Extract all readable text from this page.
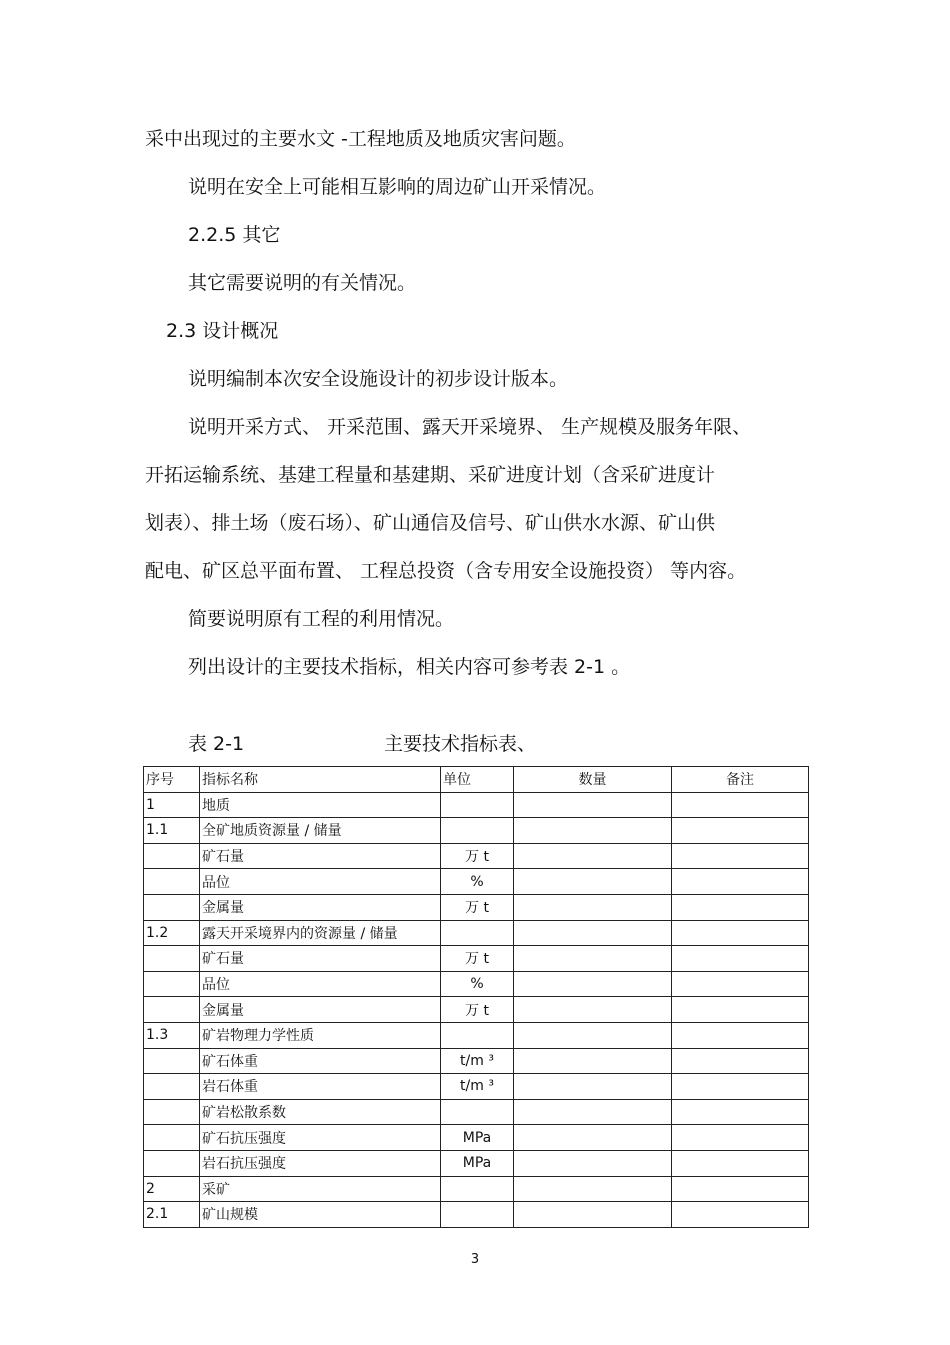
采中出现过的主要水文 -工程地质及地质灾害问题。
说明在安全上可能相互影响的周边矿山开采情况。
2.2.5 其它
其它需要说明的有关情况。
2.3 设计概况
说明编制本次安全设施设计的初步设计版本。
说明开采方式、 开采范围、露天开采境界、 生产规模及服务年限、
开拓运输系统、基建工程量和基建期、采矿进度计划（含采矿进度计
划表）、排土场（废石场）、矿山通信及信号、矿山供水水源、矿山供
配电、矿区总平面布置、 工程总投资（含专用安全设施投资） 等内容。
简要说明原有工程的利用情况。
列出设计的主要技术指标，相关内容可参考表 2-1 。
表 2-1	主要技术指标表、
序号	指标名称	单位	数量	备注
1	地质			
1.1	全矿地质资源量 / 储量			
	矿石量	万 t		
	品位	%		
	金属量	万 t		
1.2	露天开采境界内的资源量 / 储量			
	矿石量	万 t		
	品位	%		
	金属量	万 t		
1.3	矿岩物理力学性质			
	矿石体重	t/m ³		
	岩石体重	t/m ³		
	矿岩松散系数			
	矿石抗压强度	MPa		
	岩石抗压强度	MPa		
2	采矿			
2.1	矿山规模			
3
